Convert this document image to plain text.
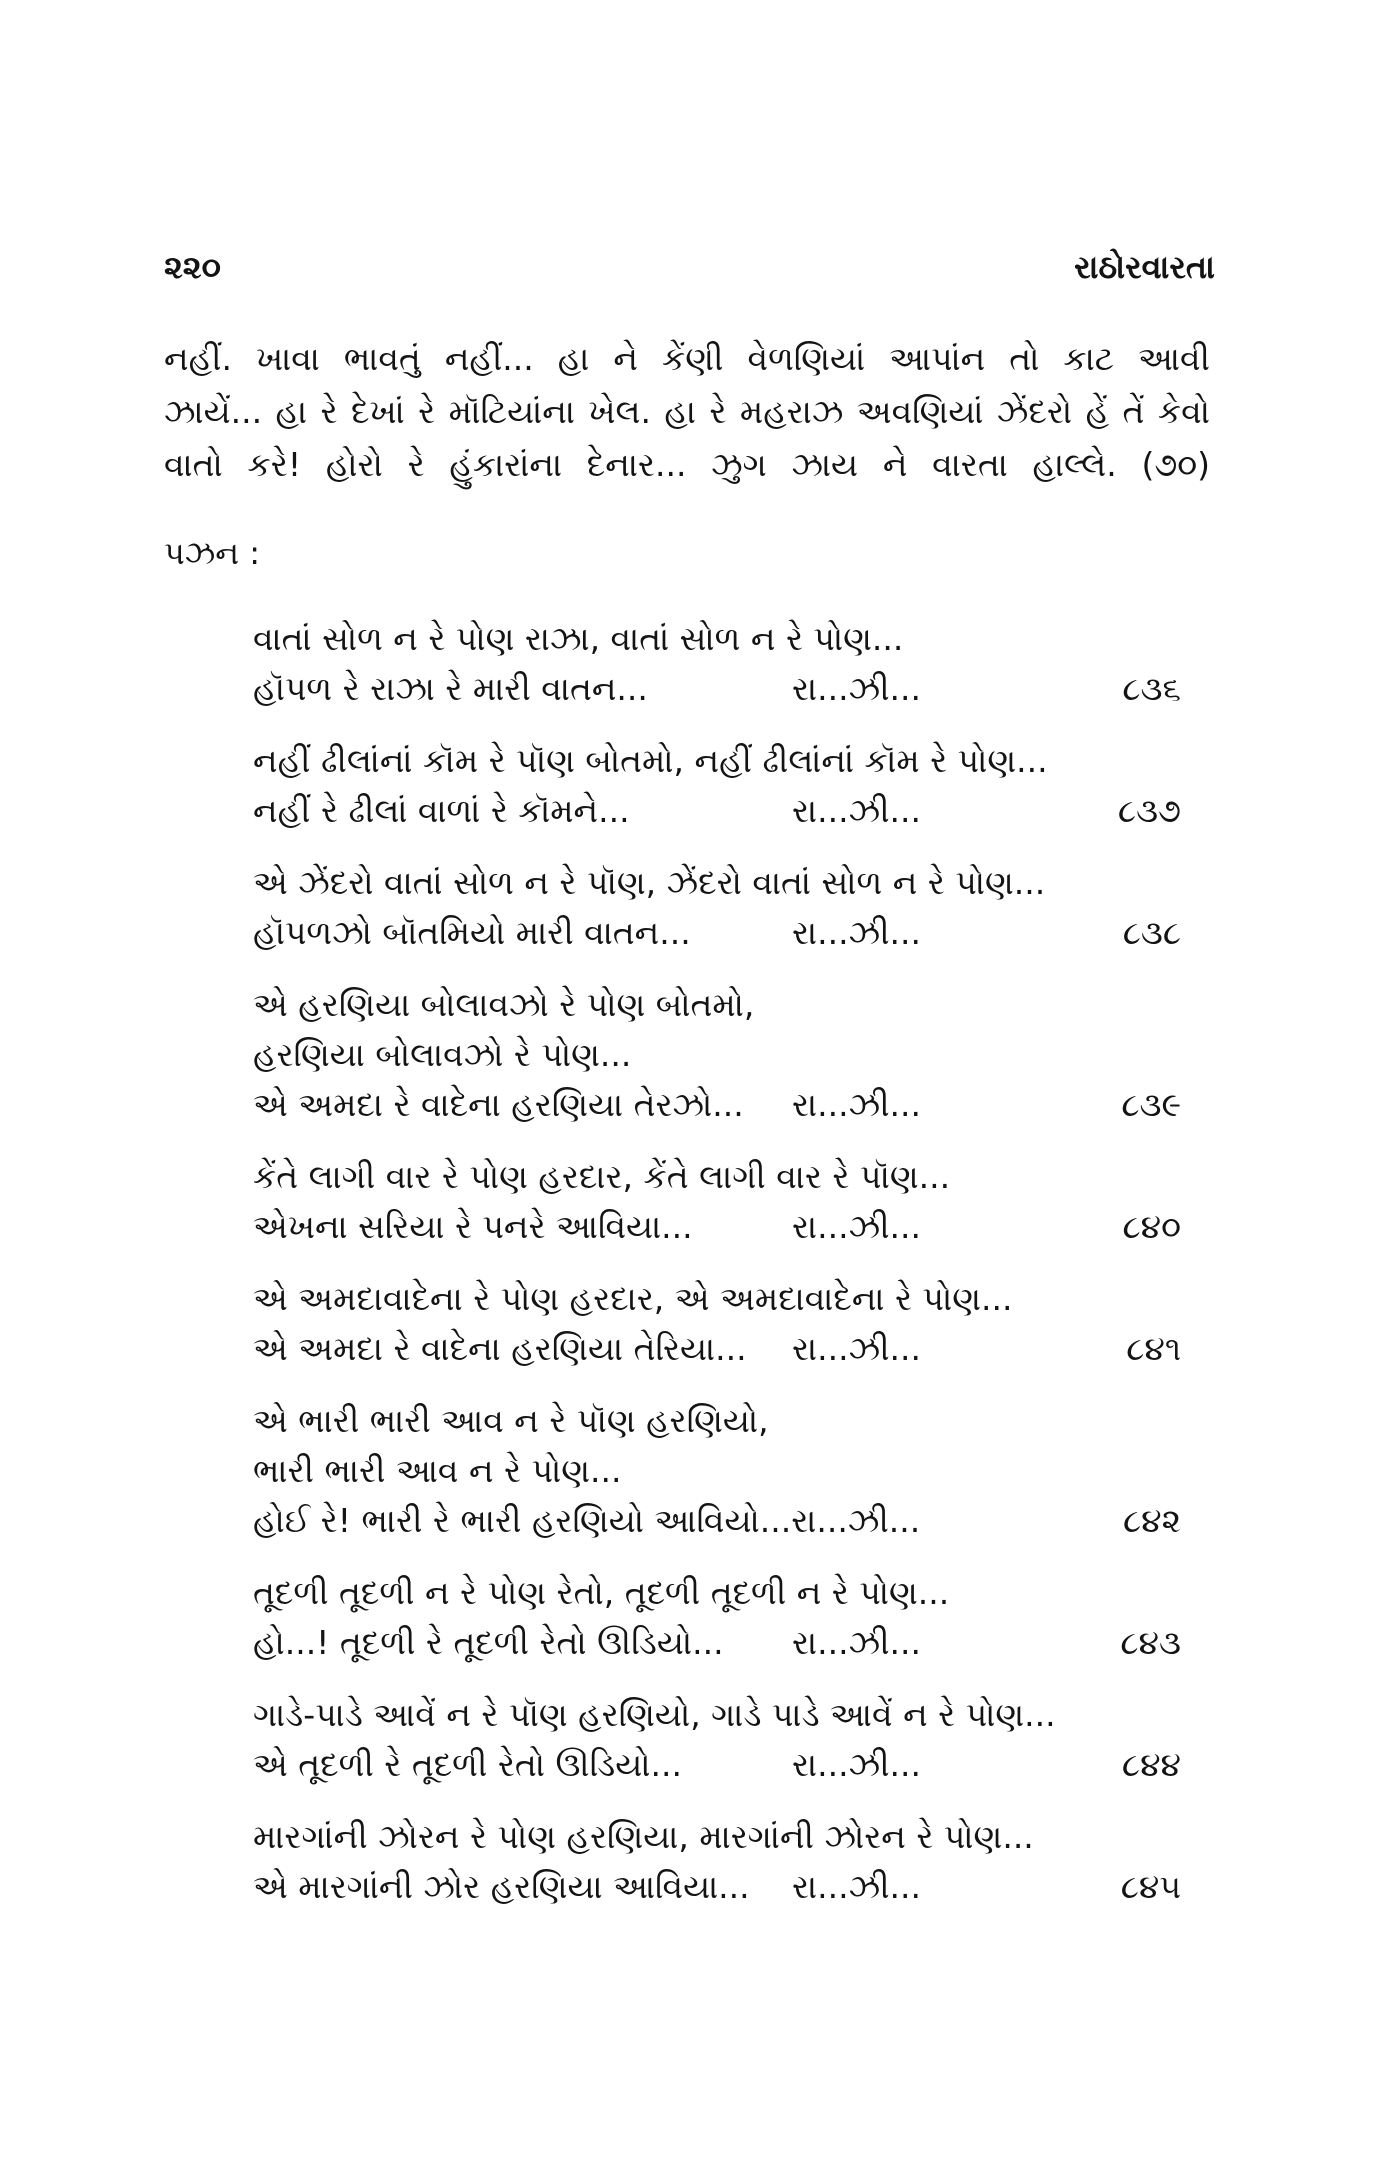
૨૨૦	રાઠોરવારતા
નહીં. ખાવા ભાવતું નહીં... હા ને કેંણી વેળણિયાં આપાંન તો કાટ આવી
ઝાયેં... હા રે દેખાં રે મૉટિયાંના ખેલ. હા રે મહરાઝ અવણિયાં ઝેંદરો હેં તેં કેવો
વાતો કરે! હોરો રે હુંકારાંના દેનાર... ઝુગ ઝાય ને વારતા હાલ્લે. (૭૦)
પઝન :
વાતાં સોળ ન રે પોણ રાઝા, વાતાં સોળ ન રે પોણ...
હૉપળ રે રાઝા રે મારી વાતન...	રા...ઝી...	૮૩૬
નહીં ઢીલાંનાં કૉમ રે પૉણ બોતમો, નહીં ઢીલાંનાં કૉમ રે પોણ...
નહીં રે ઢીલાં વાળાં રે કૉમને...	રા...ઝી...	૮૩૭
એ ઝેંદરો વાતાં સોળ ન રે પૉણ, ઝેંદરો વાતાં સોળ ન રે પોણ...
હૉપળઝો બૉતમિયો મારી વાતન...	રા...ઝી...	૮૩૮
એ હરણિયા બોલાવઝો રે પોણ બોતમો,
હરણિયા બોલાવઝો રે પોણ...
એ અમદા રે વાદેના હરણિયા તેરઝો... રા...ઝી...	૮૩૯
કેંતે લાગી વાર રે પોણ હરદાર, કેંતે લાગી વાર રે પૉણ...
એખના સરિયા રે પનરે આવિયા...	રા...ઝી...	૮૪૦
એ અમદાવાદેના રે પોણ હરદાર, એ અમદાવાદેના રે પોણ...
એ અમદા રે વાદેના હરણિયા તેરિયા... રા...ઝી...	૮૪૧
એ ભારી ભારી આવ ન રે પૉણ હરણિયો,
ભારી ભારી આવ ન રે પોણ...
હોઈ રે! ભારી રે ભારી હરણિયો આવિયો...રા...ઝી...	૮૪૨
તૂદળી તૂદળી ન રે પોણ રેતો, તૂદળી તૂદળી ન રે પોણ...
હો...! તૂદળી રે તૂદળી રેતો ઊડિયો... રા...ઝી...	૮૪૩
ગાડે-પાડે આવેં ન રે પૉણ હરણિયો, ગાડે પાડે આવેં ન રે પોણ...
એ તૂદળી રે તૂદળી રેતો ઊડિયો...	રા...ઝી...	૮૪૪
મારગાંની ઝોરન રે પોણ હરણિયા, મારગાંની ઝોરન રે પોણ...
એ મારગાંની ઝોર હરણિયા આવિયા... રા...ઝી...	૮૪૫
